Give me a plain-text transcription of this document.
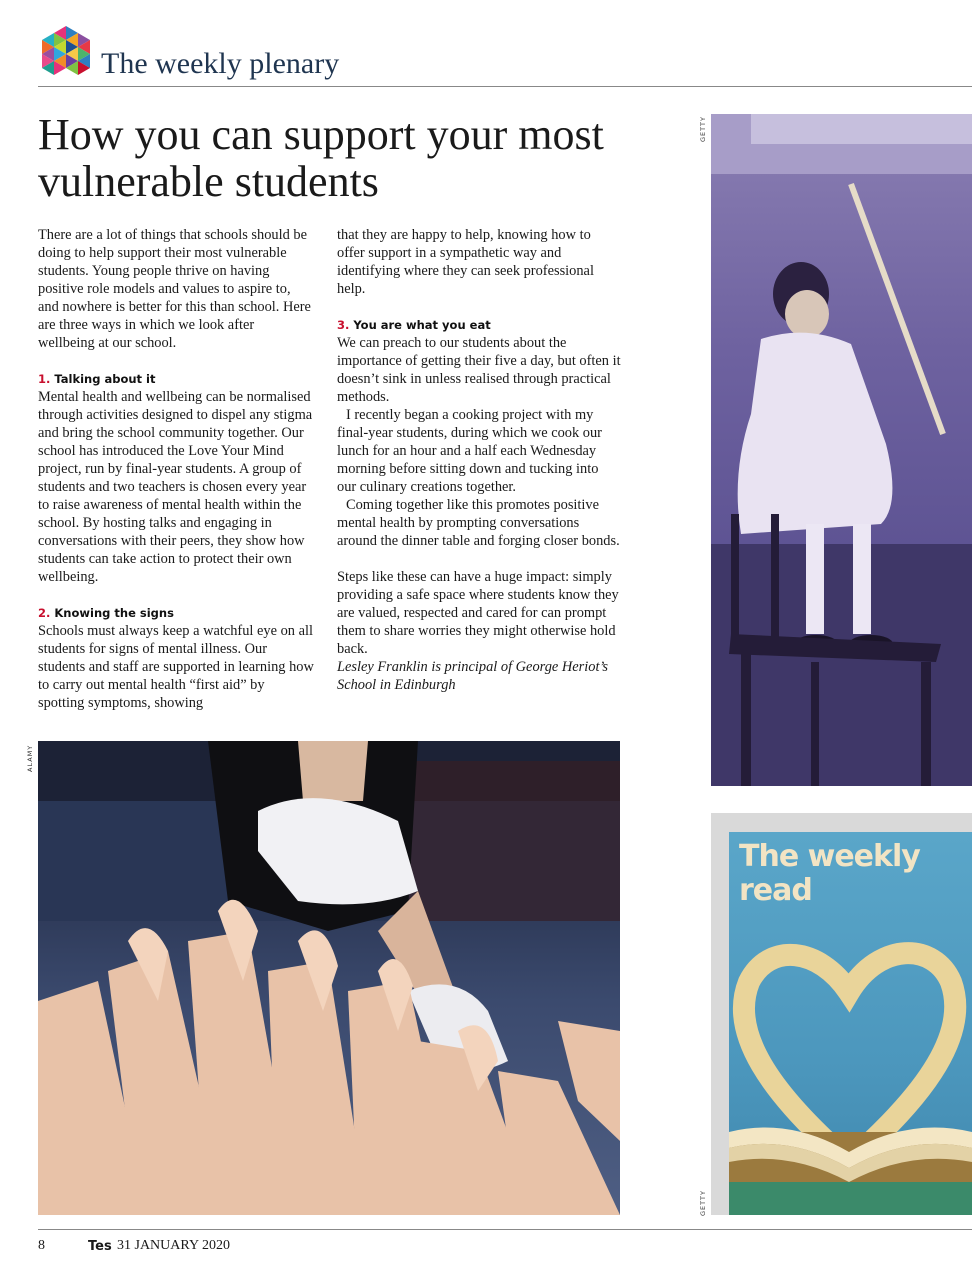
The weekly plenary
How you can support your most vulnerable students

There are a lot of things that schools should be doing to help support their most vulnerable students. Young people thrive on having positive role models and values to aspire to, and nowhere is better for this than school. Here are three ways in which we look after wellbeing at our school.

1. Talking about it

Mental health and wellbeing can be normalised through activities designed to dispel any stigma and bring the school community together. Our school has introduced the Love Your Mind project, run by final-year students. A group of students and two teachers is chosen every year to raise awareness of mental health within the school. By hosting talks and engaging in conversations with their peers, they show how students can take action to protect their own wellbeing.

2. Knowing the signs

Schools must always keep a watchful eye on all students for signs of mental illness. Our students and staff are supported in learning how to carry out mental health “first aid” by spotting symptoms, showing

that they are happy to help, knowing how to offer support in a sympathetic way and identifying where they can seek professional help.

3. You are what you eat

We can preach to our students about the importance of getting their five a day, but often it doesn’t sink in unless realised through practical methods.

I recently began a cooking project with my final-year students, during which we cook our lunch for an hour and a half each Wednesday morning before sitting down and tucking into our culinary creations together.

Coming together like this promotes positive mental health by prompting conversations around the dinner table and forging closer bonds.

Steps like these can have a huge impact: simply providing a safe space where students know they are valued, respected and cared for can prompt them to share worries they might otherwise hold back.

Lesley Franklin is principal of George Heriot’s School in Edinburgh

The weekly read
GETTY
ALAMY
GETTY
8	Tes 31 JANUARY 2020
